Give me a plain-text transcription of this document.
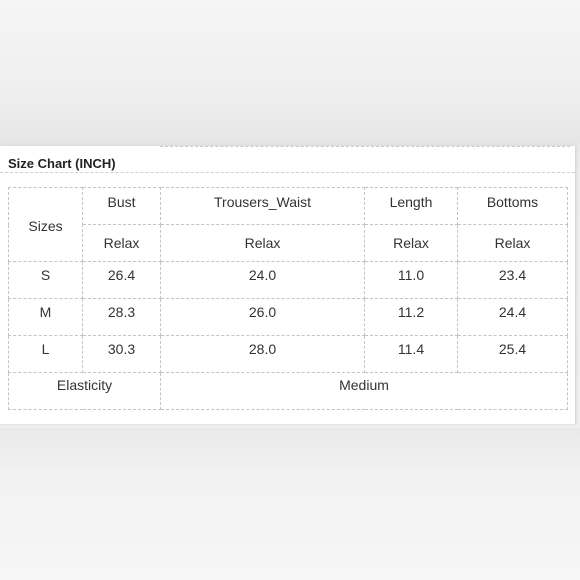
Size Chart (INCH)
Sizes	Bust	Trousers_Waist	Length	Bottoms
	Relax	Relax	Relax	Relax
S	26.4	24.0	11.0	23.4
M	28.3	26.0	11.2	24.4
L	30.3	28.0	11.4	25.4
Elasticity		Medium		
